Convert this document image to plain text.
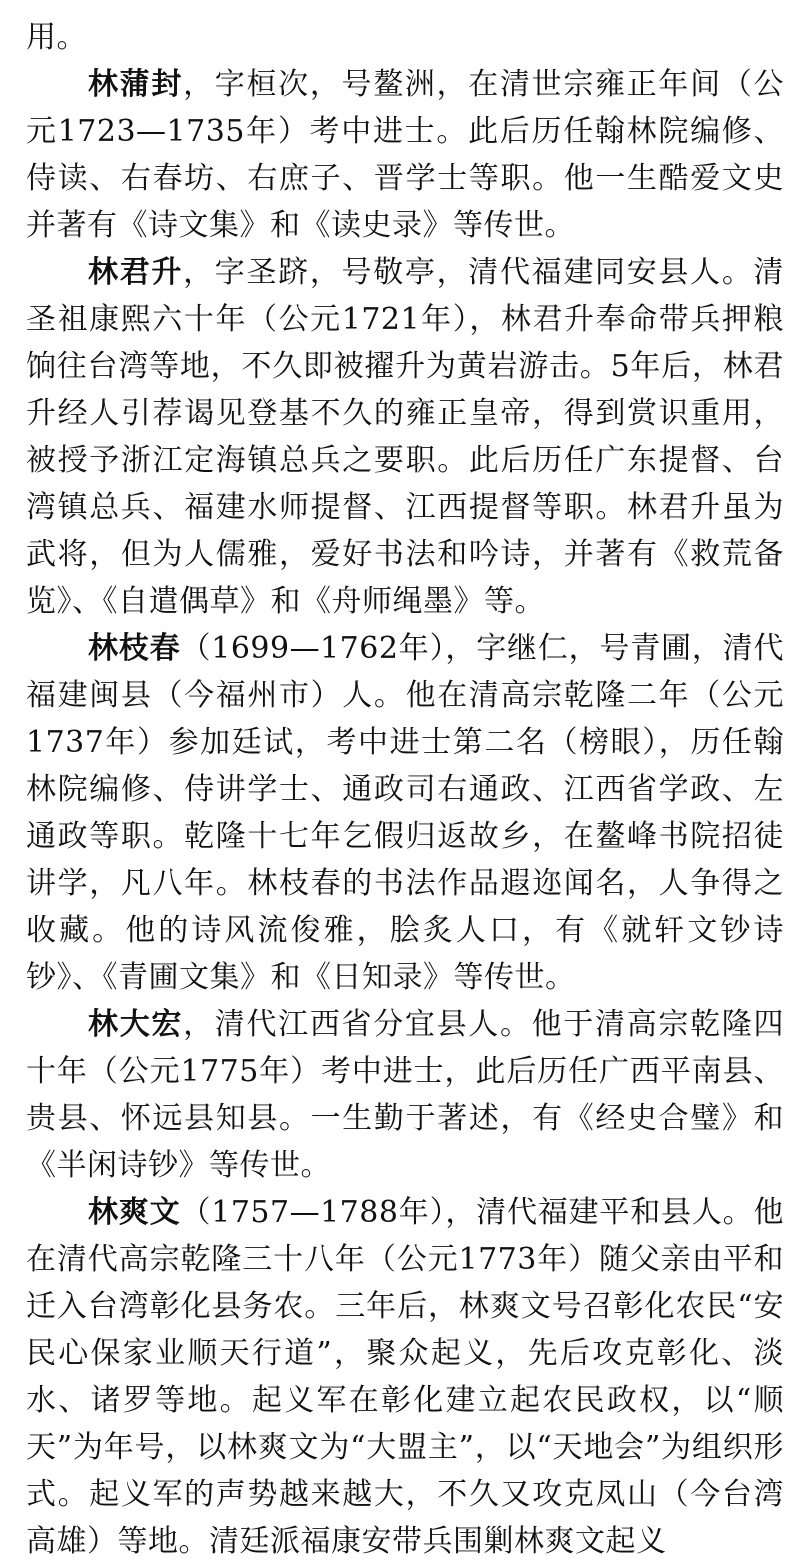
用。

林蒲封，字桓次，号鳌洲，在清世宗雍正年间（公元1723—1735年）考中进士。此后历任翰林院编修、侍读、右春坊、右庶子、晋学士等职。他一生酷爱文史并著有《诗文集》和《读史录》等传世。

林君升，字圣跻，号敬亭，清代福建同安县人。清圣祖康熙六十年（公元1721年），林君升奉命带兵押粮饷往台湾等地，不久即被擢升为黄岩游击。5年后，林君升经人引荐谒见登基不久的雍正皇帝，得到赏识重用，被授予浙江定海镇总兵之要职。此后历任广东提督、台湾镇总兵、福建水师提督、江西提督等职。林君升虽为武将，但为人儒雅，爱好书法和吟诗，并著有《救荒备览》、《自遣偶草》和《舟师绳墨》等。

林枝春（1699—1762年），字继仁，号青圃，清代福建闽县（今福州市）人。他在清高宗乾隆二年（公元1737年）参加廷试，考中进士第二名（榜眼），历任翰林院编修、侍讲学士、通政司右通政、江西省学政、左通政等职。乾隆十七年乞假归返故乡，在鳌峰书院招徒讲学，凡八年。林枝春的书法作品遐迩闻名，人争得之收藏。他的诗风流俊雅，脍炙人口，有《就轩文钞诗钞》、《青圃文集》和《日知录》等传世。

林大宏，清代江西省分宜县人。他于清高宗乾隆四十年（公元1775年）考中进士，此后历任广西平南县、贵县、怀远县知县。一生勤于著述，有《经史合璧》和《半闲诗钞》等传世。

林爽文（1757—1788年），清代福建平和县人。他在清代高宗乾隆三十八年（公元1773年）随父亲由平和迁入台湾彰化县务农。三年后，林爽文号召彰化农民“安民心保家业顺天行道”，聚众起义，先后攻克彰化、淡水、诸罗等地。起义军在彰化建立起农民政权，以“顺天”为年号，以林爽文为“大盟主”，以“天地会”为组织形式。起义军的声势越来越大，不久又攻克凤山（今台湾高雄）等地。清廷派福康安带兵围剿林爽文起义
